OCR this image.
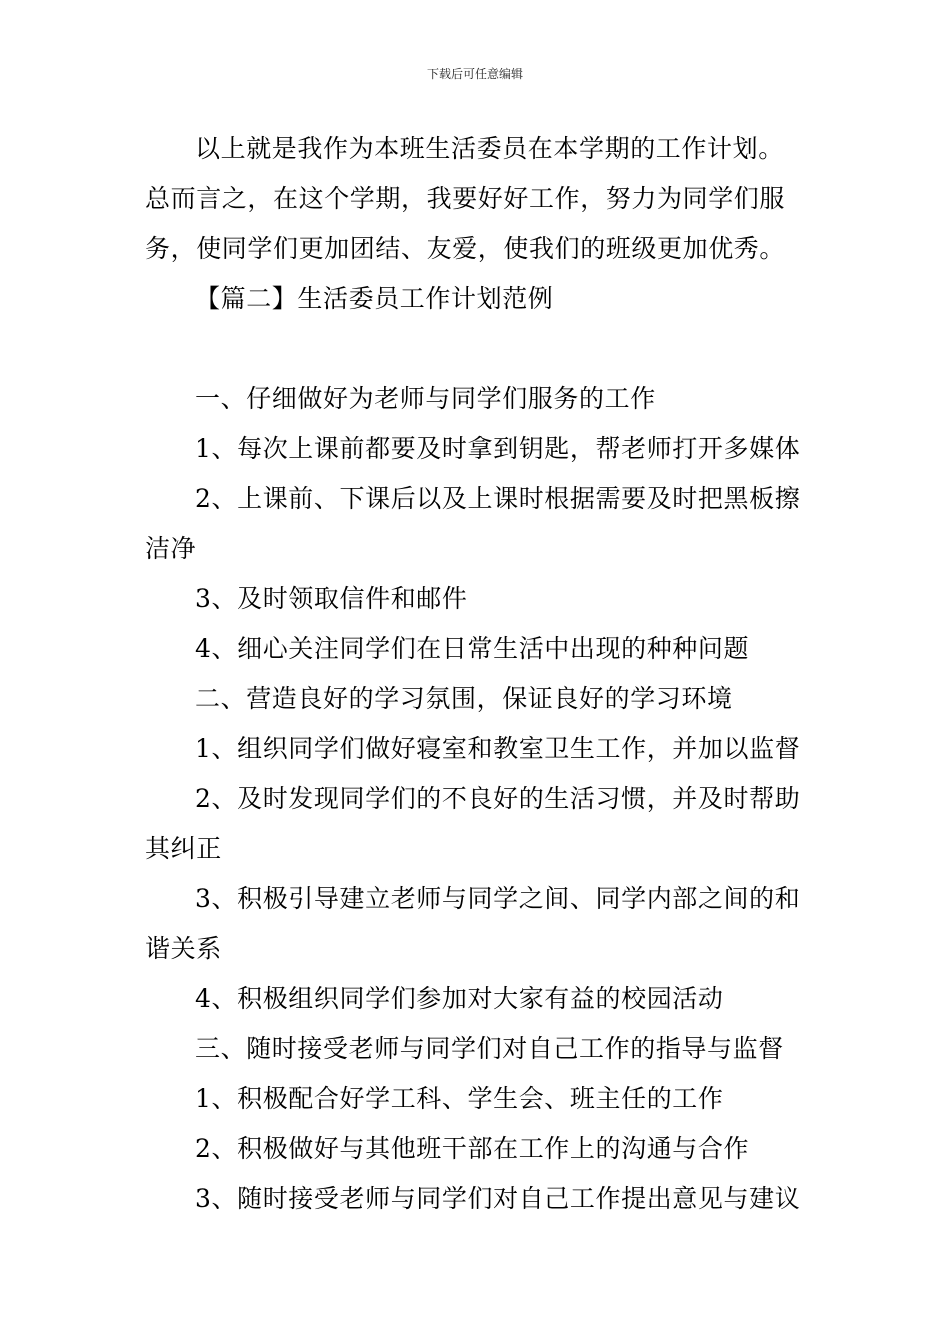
下载后可任意编辑
以上就是我作为本班生活委员在本学期的工作计划。
总而言之，在这个学期，我要好好工作，努力为同学们服
务，使同学们更加团结、友爱，使我们的班级更加优秀。
【篇二】生活委员工作计划范例
一、仔细做好为老师与同学们服务的工作
1、每次上课前都要及时拿到钥匙，帮老师打开多媒体
2、上课前、下课后以及上课时根据需要及时把黑板擦
洁净
3、及时领取信件和邮件
4、细心关注同学们在日常生活中出现的种种问题
二、营造良好的学习氛围，保证良好的学习环境
1、组织同学们做好寝室和教室卫生工作，并加以监督
2、及时发现同学们的不良好的生活习惯，并及时帮助
其纠正
3、积极引导建立老师与同学之间、同学内部之间的和
谐关系
4、积极组织同学们参加对大家有益的校园活动
三、随时接受老师与同学们对自己工作的指导与监督
1、积极配合好学工科、学生会、班主任的工作
2、积极做好与其他班干部在工作上的沟通与合作
3、随时接受老师与同学们对自己工作提出意见与建议
